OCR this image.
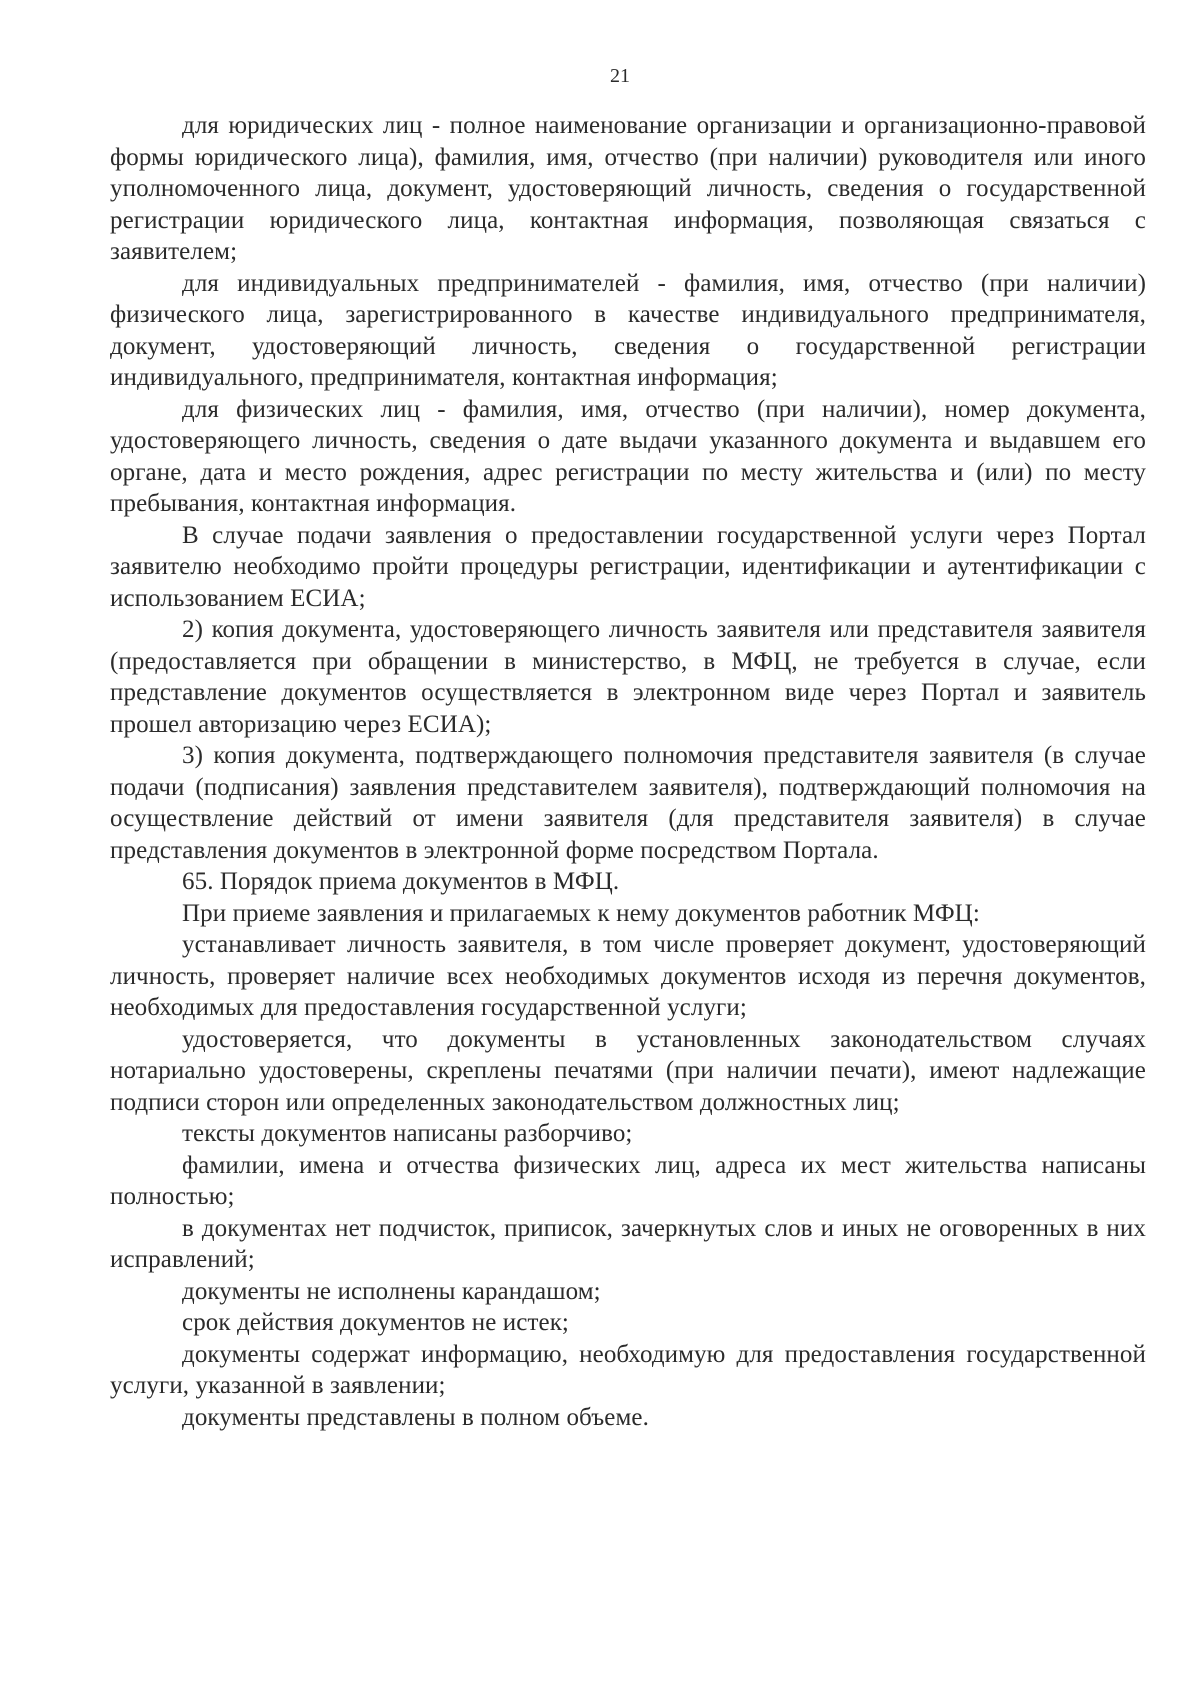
21

для юридических лиц - полное наименование организации и организационно-правовой формы юридического лица), фамилия, имя, отчество (при наличии) руководителя или иного уполномоченного лица, документ, удостоверяющий личность, сведения о государственной регистрации юридического лица, контактная информация, позволяющая связаться с заявителем;

для индивидуальных предпринимателей - фамилия, имя, отчество (при наличии) физического лица, зарегистрированного в качестве индивидуального предпринимателя, документ, удостоверяющий личность, сведения о государственной регистрации индивидуального, предпринимателя, контактная информация;

для физических лиц - фамилия, имя, отчество (при наличии), номер документа, удостоверяющего личность, сведения о дате выдачи указанного документа и выдавшем его органе, дата и место рождения, адрес регистрации по месту жительства и (или) по месту пребывания, контактная информация.

В случае подачи заявления о предоставлении государственной услуги через Портал заявителю необходимо пройти процедуры регистрации, идентификации и аутентификации с использованием ЕСИА;

2) копия документа, удостоверяющего личность заявителя или представителя заявителя (предоставляется при обращении в министерство, в МФЦ, не требуется в случае, если представление документов осуществляется в электронном виде через Портал и заявитель прошел авторизацию через ЕСИА);

3) копия документа, подтверждающего полномочия представителя заявителя (в случае подачи (подписания) заявления представителем заявителя), подтверждающий полномочия на осуществление действий от имени заявителя (для представителя заявителя) в случае представления документов в электронной форме посредством Портала.

65. Порядок приема документов в МФЦ.

При приеме заявления и прилагаемых к нему документов работник МФЦ:

устанавливает личность заявителя, в том числе проверяет документ, удостоверяющий личность, проверяет наличие всех необходимых документов исходя из перечня документов, необходимых для предоставления государственной услуги;

удостоверяется, что документы в установленных законодательством случаях нотариально удостоверены, скреплены печатями (при наличии печати), имеют надлежащие подписи сторон или определенных законодательством должностных лиц;

тексты документов написаны разборчиво;

фамилии, имена и отчества физических лиц, адреса их мест жительства написаны полностью;

в документах нет подчисток, приписок, зачеркнутых слов и иных не оговоренных в них исправлений;

документы не исполнены карандашом;

срок действия документов не истек;

документы содержат информацию, необходимую для предоставления государственной услуги, указанной в заявлении;

документы представлены в полном объеме.
